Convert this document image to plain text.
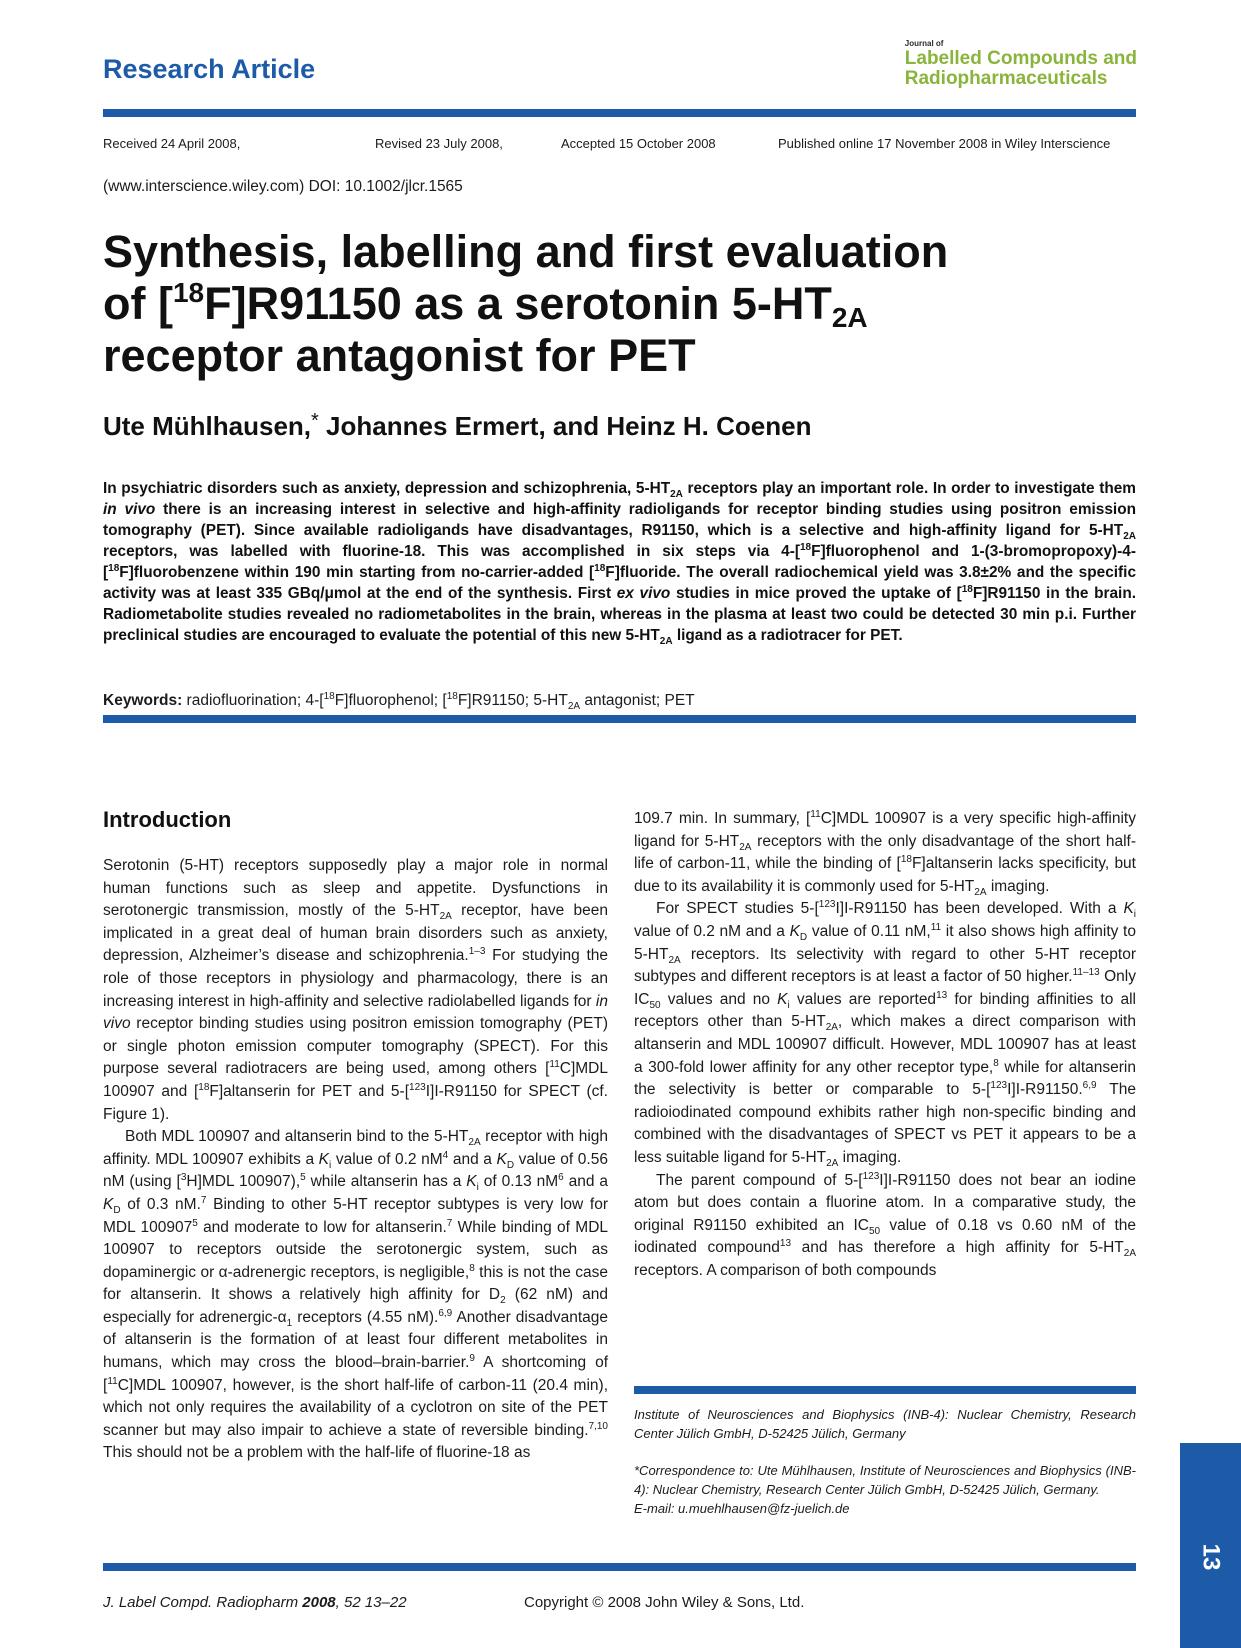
Research Article
Journal of
Labelled Compounds and
Radiopharmaceuticals
Received 24 April 2008,	Revised 23 July 2008,	Accepted 15 October 2008	Published online 17 November 2008 in Wiley Interscience
(www.interscience.wiley.com) DOI: 10.1002/jlcr.1565
Synthesis, labelling and first evaluation
of [$^{18}$F]R91150 as a serotonin $5-HT_{2A}$
receptor antagonist for PET
Ute Mühlhausen,* Johannes Ermert, and Heinz H. Coenen
In psychiatric disorders such as anxiety, depression and schizophrenia, $5-HT_{2A}$ receptors play an important role. In order to investigate them in vivo there is an increasing interest in selective and high-affinity radioligands for receptor binding studies using positron emission tomography (PET). Since available radioligands have disadvantages, R91150, which is a selective and high-affinity ligand for $5-HT_{2A}$ receptors, was labelled with fluorine-18. This was accomplished in six steps via 4-[$^{18}$F]fluorophenol and 1-(3-bromopropoxy)-4-[$^{18}$F]fluorobenzene within 190 min starting from no-carrier-added [$^{18}$F]fluoride. The overall radiochemical yield was 3.8±2% and the specific activity was at least 335 GBq/μmol at the end of the synthesis. First ex vivo studies in mice proved the uptake of [$^{18}$F]R91150 in the brain. Radiometabolite studies revealed no radiometabolites in the brain, whereas in the plasma at least two could be detected 30 min p.i. Further preclinical studies are encouraged to evaluate the potential of this new $5-HT_{2A}$ ligand as a radiotracer for PET.
Keywords: radiofluorination; 4-[$^{18}$F]fluorophenol; [$^{18}$F]R91150; $5-HT_{2A}$ antagonist; PET
Introduction

Serotonin (5-HT) receptors supposedly play a major role in normal human functions such as sleep and appetite. Dysfunctions in serotonergic transmission, mostly of the $5-HT_{2A}$ receptor, have been implicated in a great deal of human brain disorders such as anxiety, depression, Alzheimer’s disease and schizophrenia.$^{1-3}$ For studying the role of those receptors in physiology and pharmacology, there is an increasing interest in high-affinity and selective radiolabelled ligands for in vivo receptor binding studies using positron emission tomography (PET) or single photon emission computer tomography (SPECT). For this purpose several radiotracers are being used, among others [$^{11}$C]MDL 100907 and [$^{18}$F]altanserin for PET and 5-[$^{123}$I]I-R91150 for SPECT (cf. Figure 1).

Both MDL 100907 and altanserin bind to the $5-HT_{2A}$ receptor with high affinity. MDL 100907 exhibits a $K_i$ value of 0.2 $nM^4$ and a $K_D$ value of 0.56 nM (using [$^3$H]MDL 100907),$^5$ while altanserin has a $K_i$ of 0.13 $nM^6$ and a $K_D$ of 0.3 nM.$^7$ Binding to other 5-HT receptor subtypes is very low for MDL 100907$^5$ and moderate to low for altanserin.$^7$ While binding of MDL 100907 to receptors outside the serotonergic system, such as dopaminergic or α-adrenergic receptors, is negligible,$^8$ this is not the case for altanserin. It shows a relatively high affinity for $D_2$ (62 nM) and especially for adrenergic-$\alpha_1$ receptors (4.55 nM).$^{6,9}$ Another disadvantage of altanserin is the formation of at least four different metabolites in humans, which may cross the blood–brain-barrier.$^9$ A shortcoming of [$^{11}$C]MDL 100907, however, is the short half-life of carbon-11 (20.4 min), which not only requires the availability of a cyclotron on site of the PET scanner but may also impair to achieve a state of reversible binding.$^{7,10}$ This should not be a problem with the half-life of fluorine-18 as

109.7 min. In summary, [$^{11}$C]MDL 100907 is a very specific high-affinity ligand for $5-HT_{2A}$ receptors with the only disadvantage of the short half-life of carbon-11, while the binding of [$^{18}$F]altanserin lacks specificity, but due to its availability it is commonly used for $5-HT_{2A}$ imaging.

For SPECT studies 5-[$^{123}$I]I-R91150 has been developed. With a $K_i$ value of 0.2 nM and a $K_D$ value of 0.11 nM,$^{11}$ it also shows high affinity to $5-HT_{2A}$ receptors. Its selectivity with regard to other 5-HT receptor subtypes and different receptors is at least a factor of 50 higher.$^{11-13}$ Only $IC_{50}$ values and no $K_i$ values are reported$^{13}$ for binding affinities to all receptors other than $5-HT_{2A}$, which makes a direct comparison with altanserin and MDL 100907 difficult. However, MDL 100907 has at least a 300-fold lower affinity for any other receptor type,$^8$ while for altanserin the selectivity is better or comparable to 5-[$^{123}$I]I-R91150.$^{6,9}$ The radioiodinated compound exhibits rather high non-specific binding and combined with the disadvantages of SPECT vs PET it appears to be a less suitable ligand for $5-HT_{2A}$ imaging.

The parent compound of 5-[$^{123}$I]I-R91150 does not bear an iodine atom but does contain a fluorine atom. In a comparative study, the original R91150 exhibited an $IC_{50}$ value of 0.18 vs 0.60 nM of the iodinated compound$^{13}$ and has therefore a high affinity for $5-HT_{2A}$ receptors. A comparison of both compounds

Institute of Neurosciences and Biophysics (INB-4): Nuclear Chemistry, Research Center Jülich GmbH, D-52425 Jülich, Germany

*Correspondence to: Ute Mühlhausen, Institute of Neurosciences and Biophysics (INB-4): Nuclear Chemistry, Research Center Jülich GmbH, D-52425 Jülich, Germany.

E-mail: u.muehlhausen@fz-juelich.de

13
J. Label Compd. Radiopharm 2008, 52 13–22	Copyright © 2008 John Wiley & Sons, Ltd.
